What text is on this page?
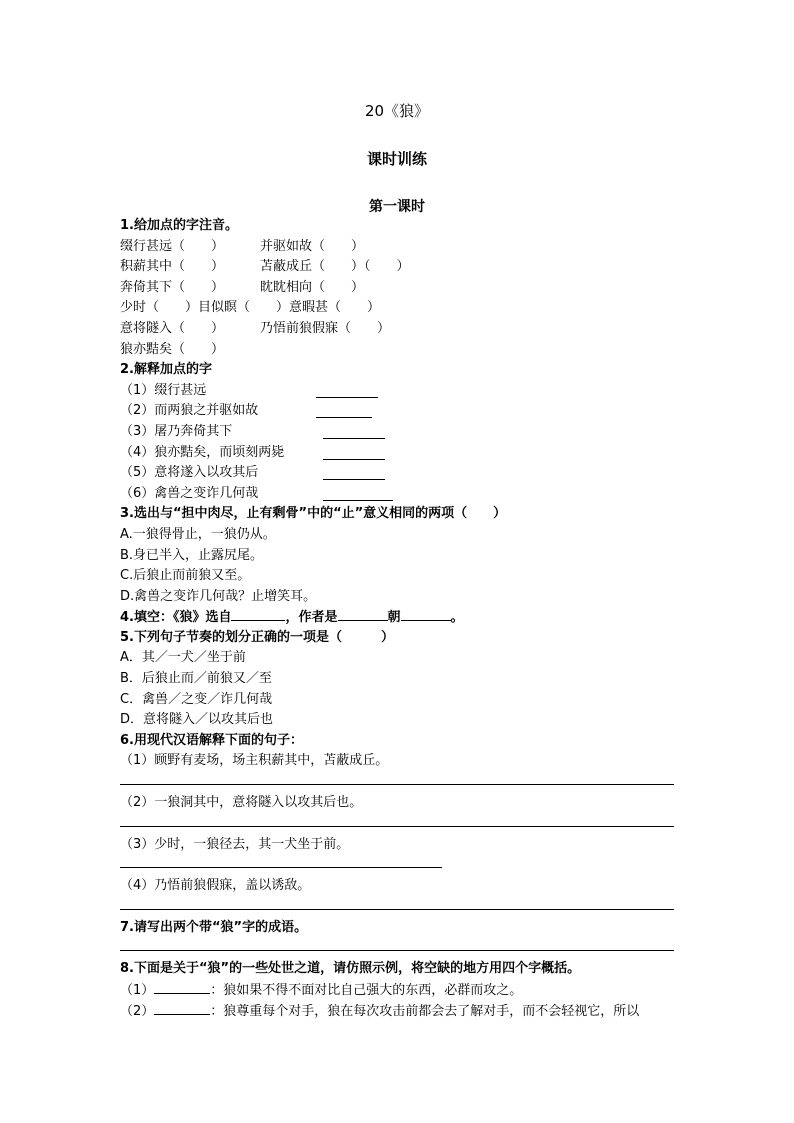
20《狼》
课时训练
第一课时
1.给加点的字注音。
缀行甚远（　　）	并驱如故（　　）
积薪其中（　　）	苫蔽成丘（　　）（　　）
奔倚其下（　　）	眈眈相向（　　）
少时（　　）目似瞑（　　）意暇甚（　　）
意将隧入（　　）	乃悟前狼假寐（　　）
狼亦黠矣（　　）
2.解释加点的字
（1）缀行甚远
（2）而两狼之并驱如故
（3）屠乃奔倚其下
（4）狼亦黠矣，而顷刻两毙
（5）意将遂入以攻其后
（6）禽兽之变诈几何哉
3.选出与“担中肉尽，止有剩骨”中的“止”意义相同的两项（　　）
A.一狼得骨止，一狼仍从。
B.身已半入，止露尻尾。
C.后狼止而前狼又至。
D.禽兽之变诈几何哉？止增笑耳。
4.填空：《狼》选自	，作者是	朝	。
5.下列句子节奏的划分正确的一项是（　　　）
A．其／一犬／坐于前
B．后狼止而／前狼又／至
C．禽兽／之变／诈几何哉
D．意将隧入／以攻其后也
6.用现代汉语解释下面的句子：
（1）顾野有麦场，场主积薪其中，苫蔽成丘。
（2）一狼洞其中，意将隧入以攻其后也。
（3）少时，一狼径去，其一犬坐于前。
（4）乃悟前狼假寐，盖以诱敌。
7.请写出两个带“狼”字的成语。
8.下面是关于“狼”的一些处世之道，请仿照示例，将空缺的地方用四个字概括。
（1）	：狼如果不得不面对比自己强大的东西，必群而攻之。
（2）	：狼尊重每个对手，狼在每次攻击前都会去了解对手，而不会轻视它，所以
